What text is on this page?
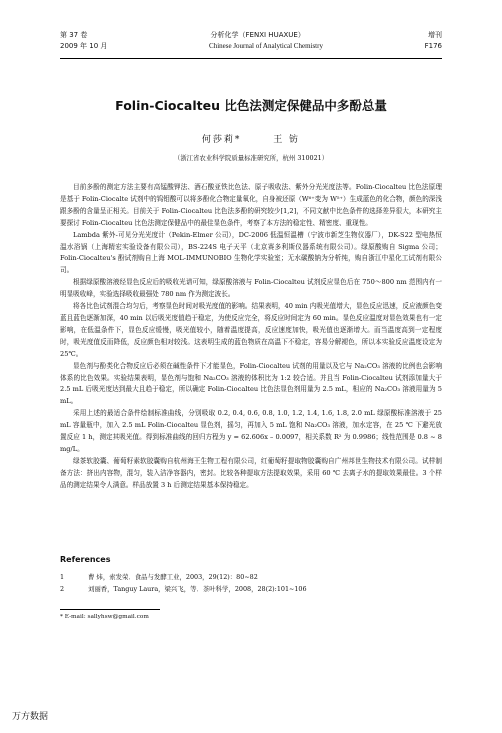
第 37 卷	分析化学（FENXI HUAXUE）	增刊
2009 年 10 月	Chinese Journal of Analytical Chemistry	F176
Folin-Ciocalteu 比色法测定保健品中多酚总量
何莎莉*	王 钫
（浙江省农业科学院质量标准研究所，杭州 310021）

目前多酚的测定方法主要有高锰酸钾法、酒石酸亚铁比色法、原子吸收法、紫外分光光度法等。Folin-Ciocalteu 比色法原理是基于 Folin-Ciocalte 试剂中的钨钼酸可以将多酚化合物定量氧化，自身被还原（W⁶⁺变为 W⁵⁺）生成蓝色的化合物，颜色的深浅跟多酚的含量呈正相关。目前关于 Folin-Ciocalteu 比色法多酚的研究较少[1,2]，不同文献中比色条件的选择差异很大，本研究主要探讨 Folin-Ciocalteu 比色法测定保健品中的最佳显色条件，考察了本方法的稳定性、精密度、重现性。

Lambda 紫外-可见分光光度计（Pekin-Elmer 公司），DC-2006 低温恒温槽（宁波市新芝生物仪器厂），DK-S22 型电热恒温水浴锅（上海精宏实验设备有限公司），BS-224S 电子天平（北京赛多利斯仪器系统有限公司）。绿原酸购自 Sigma 公司；Folin-Ciocalteu's 酚试剂购自上海 MOL-IMMUNOBIO 生物化学实验室；无水碳酸钠为分析纯，购自浙江中星化工试剂有限公司。

根据绿原酸溶液经显色反应后的吸收光谱可知，绿原酸溶液与 Folin-Ciocalteu 试剂反应显色后在 750～800 nm 范围内有一明显吸收峰，实验选择吸收最强处 780 nm 作为测定波长。

将各比色试剂混合均匀后，考察显色时间对吸光度值的影响。结果表明，40 min 内吸光值增大，显色反应迅速，反应液颜色变蓝且蓝色逐渐加深，40 min 以后吸光度值趋于稳定，为使反应完全，将反应时间定为 60 min。显色反应温度对显色效果也有一定影响，在低温条件下，显色反应缓慢，吸光值较小，随着温度提高，反应速度加快，吸光值也逐渐增大。而当温度高到一定程度时，吸光度值反而降低，反应颜色相对较浅。这表明生成的蓝色物质在高温下不稳定，容易分解褪色，所以本实验反应温度设定为 25℃。

显色剂与酚类化合物反应后必须在碱性条件下才能显色，Folin-Ciocalteu 试剂的用量以及它与 Na₂CO₃ 溶液的比例也会影响体系的比色效果。实验结果表明，显色剂与饱和 Na₂CO₃ 溶液的体积比为 1:2 较合适。并且当 Folin-Ciocalteu 试剂添加量大于 2.5 mL 后吸光度达到最大且趋于稳定，所以确定 Folin-Ciocalteu 比色法显色剂用量为 2.5 mL，相应的 Na₂CO₃ 溶液用量为 5 mL。

采用上述的最适合条件绘制标准曲线，分别吸取 0.2, 0.4, 0.6, 0.8, 1.0, 1.2, 1.4, 1.6, 1.8, 2.0 mL 绿原酸标准溶液于 25 mL 容量瓶中，加入 2.5 mL Folin-Ciocalteu 显色剂，摇匀，再加入 5 mL 饱和 Na₂CO₃ 溶液，加水定容，在 25 ℃ 下避光放置反应 1 h，测定其吸光值。得到标准曲线的回归方程为 y = 62.606x – 0.0097，相关系数 R² 为 0.9986；线性范围是 0.8 ~ 8 mg/L。

绿茶软胶囊、葡萄籽素软胶囊购自杭州海王生物工程有限公司，红葡萄籽提取物胶囊购自广州邦世生物技术有限公司。试样制备方法：挤出内容物，混匀，装入洁净容器内，密封。比较各种提取方法提取效果，采用 60 ℃ 去离子水的提取效果最佳。3 个样品的测定结果令人满意。样品放置 3 h 后测定结果基本保持稳定。

References
1	曹 炜，索发荣．食品与发酵工业，2003，29(12)：80~82
2	刘丽香，Tanguy Laura，梁兴飞，等．茶叶科学，2008，28(2):101~106
* E-mail: sallyhsw@gmail.com
万方数据
